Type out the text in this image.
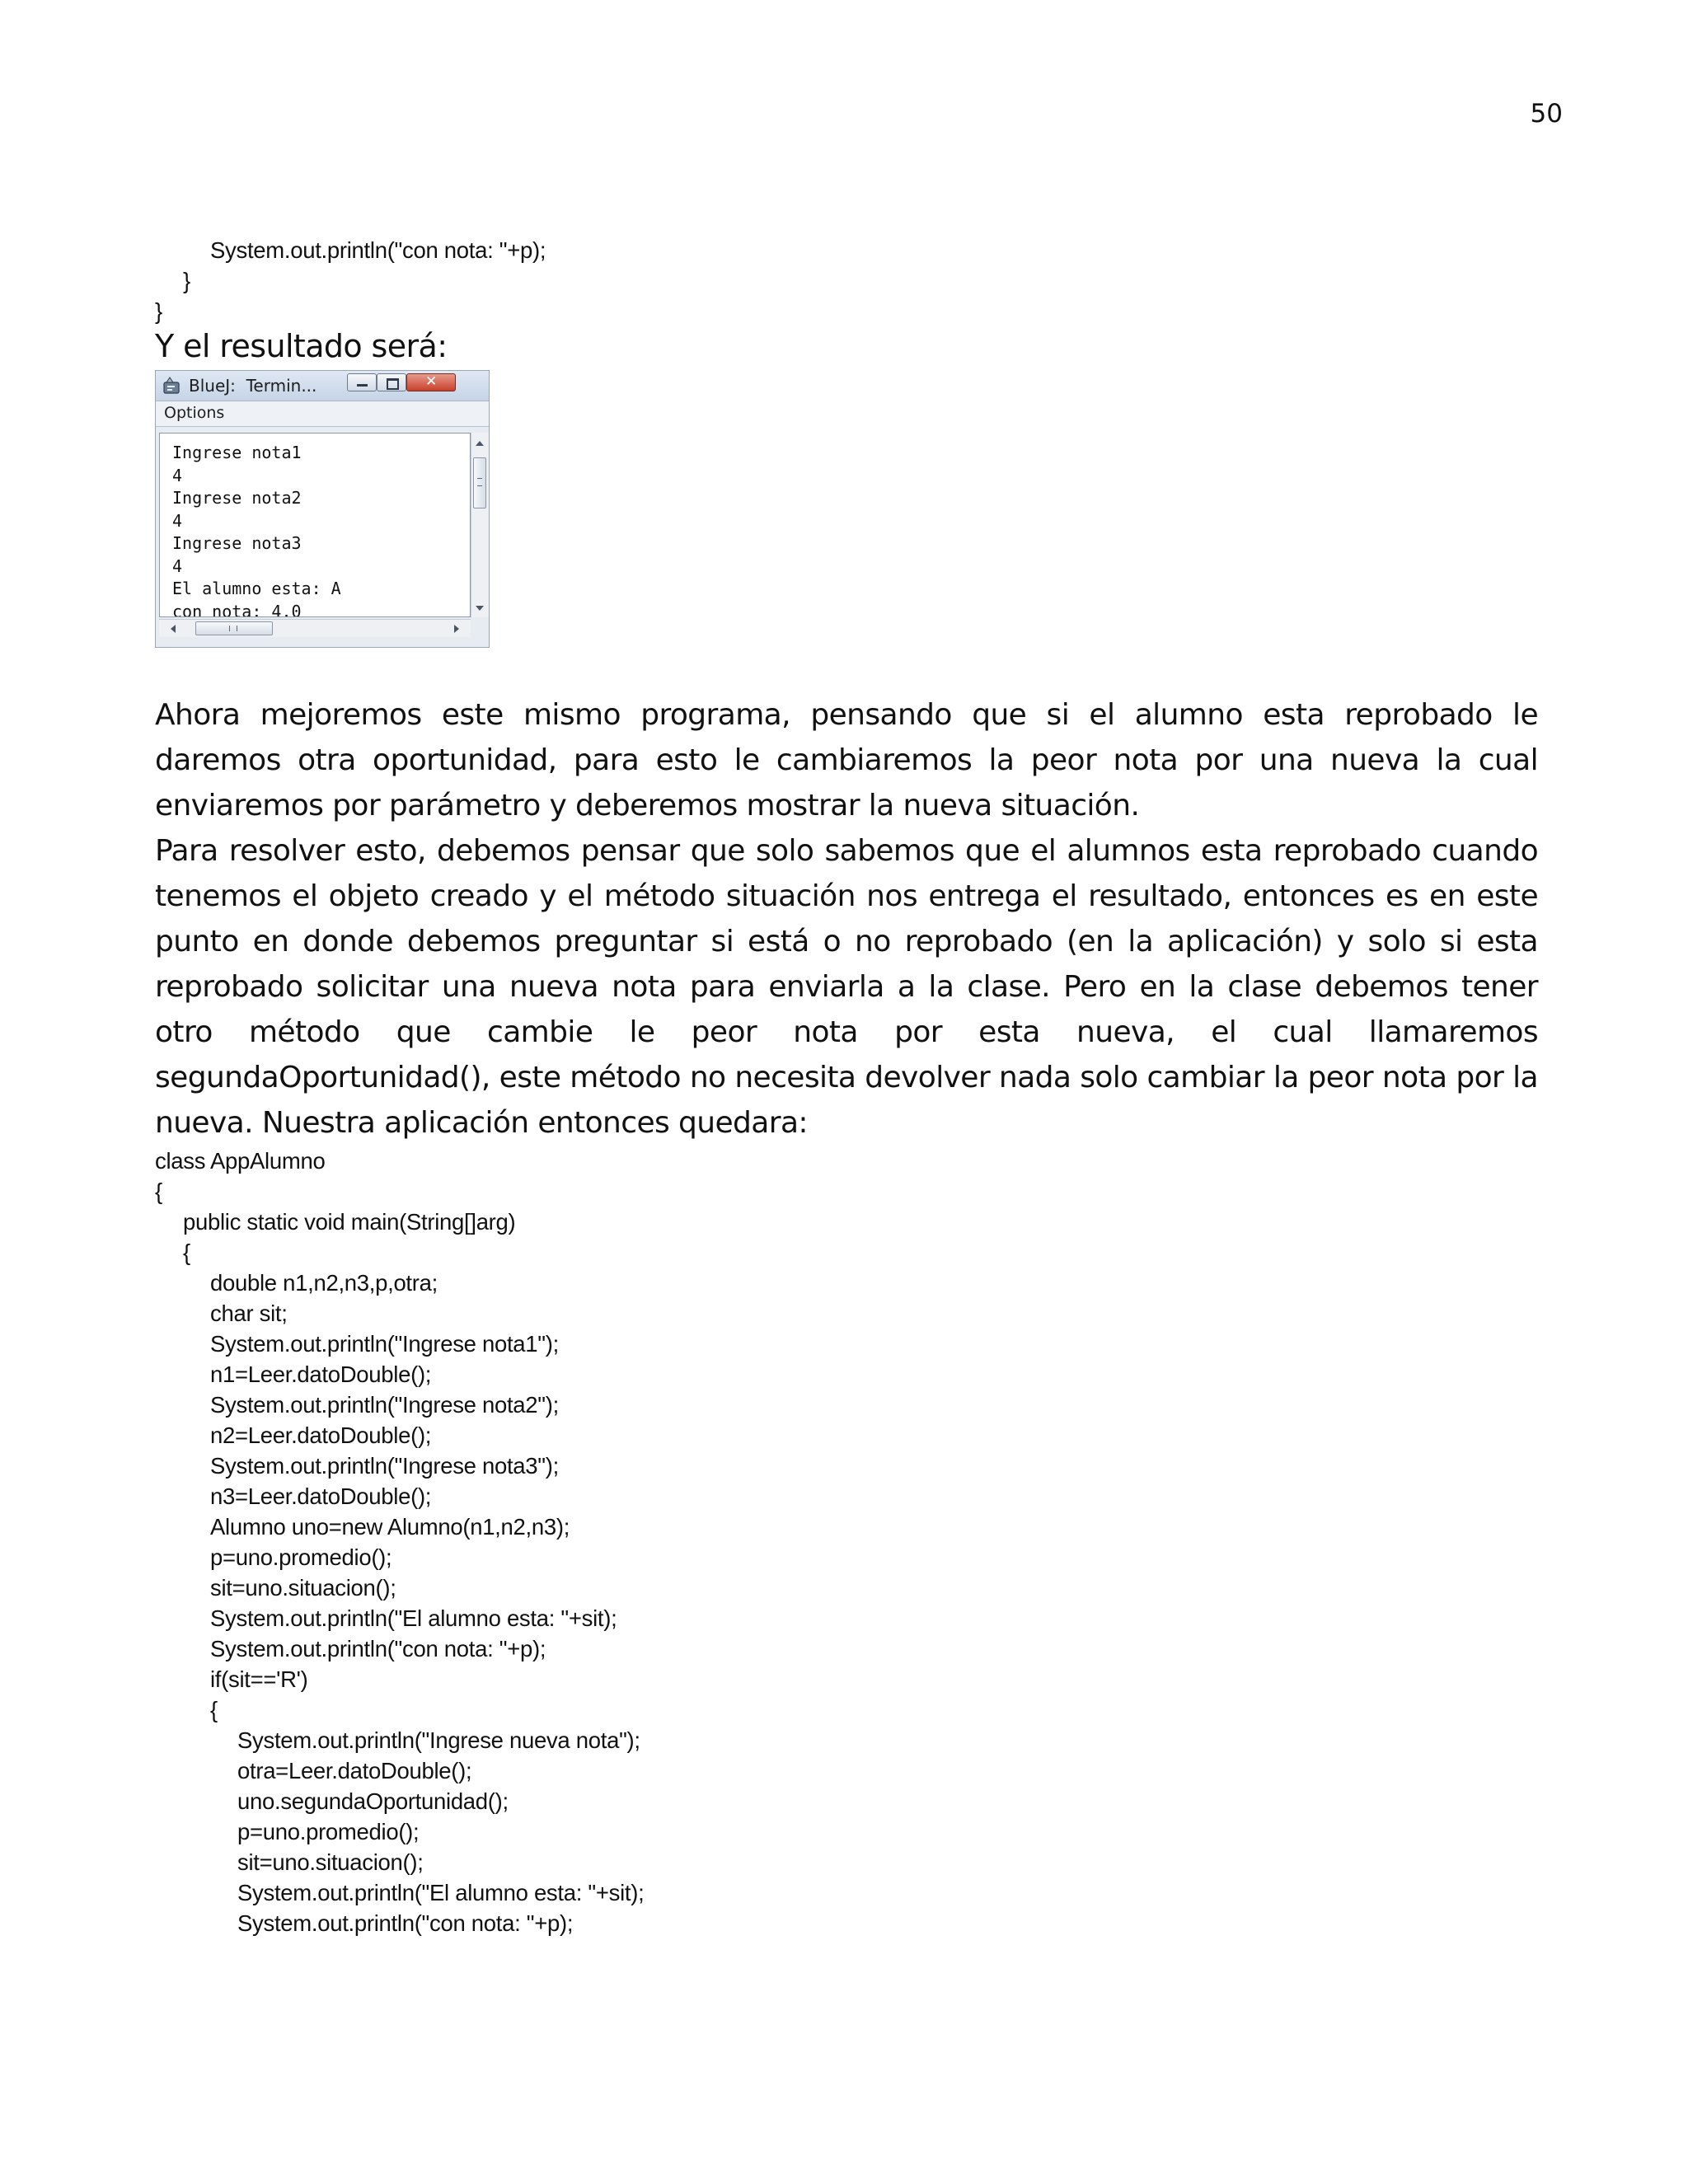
50
System.out.println("con nota: "+p);
}
}
Y el resultado será:
BlueJ:  Termin...
✕
Options
Ingrese nota1
4
Ingrese nota2
4
Ingrese nota3
4
El alumno esta: A
con nota: 4.0

Ahora mejoremos este mismo programa, pensando que si el alumno esta reprobado le daremos otra oportunidad, para esto le cambiaremos la peor nota por una nueva la cual enviaremos por parámetro y deberemos mostrar la nueva situación.

Para resolver esto, debemos pensar que solo sabemos que el alumnos esta reprobado cuando tenemos el objeto creado y el método situación nos entrega el resultado, entonces es en este punto en donde debemos preguntar si está o no reprobado (en la aplicación) y solo si esta reprobado solicitar una nueva nota para enviarla a la clase. Pero en la clase debemos tener otro método que cambie le peor nota por esta nueva, el cual llamaremos segundaOportunidad(), este método no necesita devolver nada solo cambiar la peor nota por la nueva. Nuestra aplicación entonces quedara:

class AppAlumno
{
public static void main(String[]arg)
{
double n1,n2,n3,p,otra;
char sit;
System.out.println("Ingrese nota1");
n1=Leer.datoDouble();
System.out.println("Ingrese nota2");
n2=Leer.datoDouble();
System.out.println("Ingrese nota3");
n3=Leer.datoDouble();
Alumno uno=new Alumno(n1,n2,n3);
p=uno.promedio();
sit=uno.situacion();
System.out.println("El alumno esta: "+sit);
System.out.println("con nota: "+p);
if(sit=='R')
{
System.out.println("Ingrese nueva nota");
otra=Leer.datoDouble();
uno.segundaOportunidad();
p=uno.promedio();
sit=uno.situacion();
System.out.println("El alumno esta: "+sit);
System.out.println("con nota: "+p);
